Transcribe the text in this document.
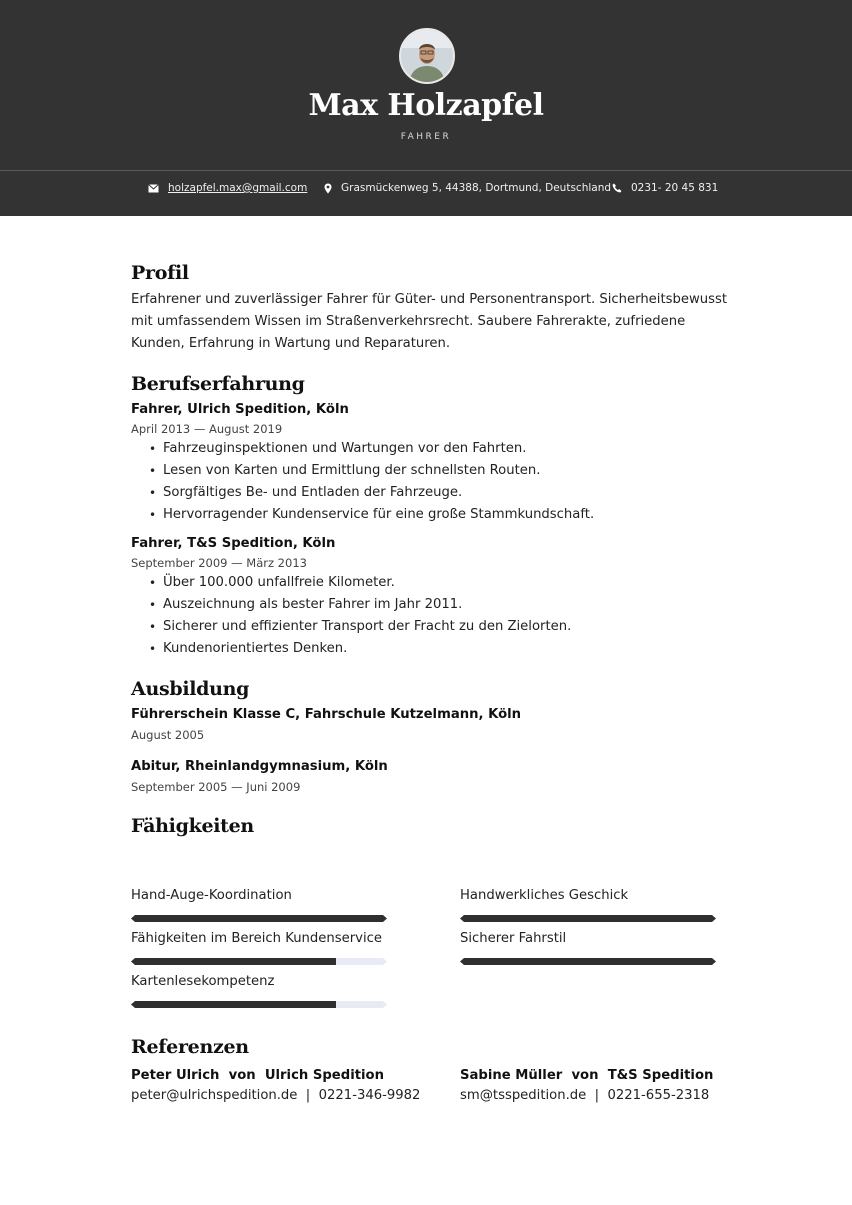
Max Holzapfel
FAHRER
holzapfel.max@gmail.com	Grasmückenweg 5, 44388, Dortmund, Deutschland 0231- 20 45 831
Profil
Erfahrener und zuverlässiger Fahrer für Güter- und Personentransport. Sicherheitsbewusst mit umfassendem Wissen im Straßenverkehrsrecht. Saubere Fahrerakte, zufriedene Kunden, Erfahrung in Wartung und Reparaturen.
Berufserfahrung
Fahrer, Ulrich Spedition, Köln
April 2013 — August 2019
• Fahrzeuginspektionen und Wartungen vor den Fahrten.
• Lesen von Karten und Ermittlung der schnellsten Routen.
• Sorgfältiges Be- und Entladen der Fahrzeuge.
• Hervorragender Kundenservice für eine große Stammkundschaft.
Fahrer, T&S Spedition, Köln
September 2009 — März 2013
• Über 100.000 unfallfreie Kilometer.
• Auszeichnung als bester Fahrer im Jahr 2011.
• Sicherer und effizienter Transport der Fracht zu den Zielorten.
• Kundenorientiertes Denken.
Ausbildung
Führerschein Klasse C, Fahrschule Kutzelmann, Köln
August 2005
Abitur, Rheinlandgymnasium, Köln
September 2005 — Juni 2009
Fähigkeiten
Hand-Auge-Koordination	Handwerkliches Geschick
Fähigkeiten im Bereich Kundenservice	Sicherer Fahrstil
Kartenlesekompetenz
Referenzen
Peter Ulrich  von  Ulrich Spedition
peter@ulrichspedition.de  |  0221-346-9982
Sabine Müller  von  T&S Spedition
sm@tsspedition.de  |  0221-655-2318
